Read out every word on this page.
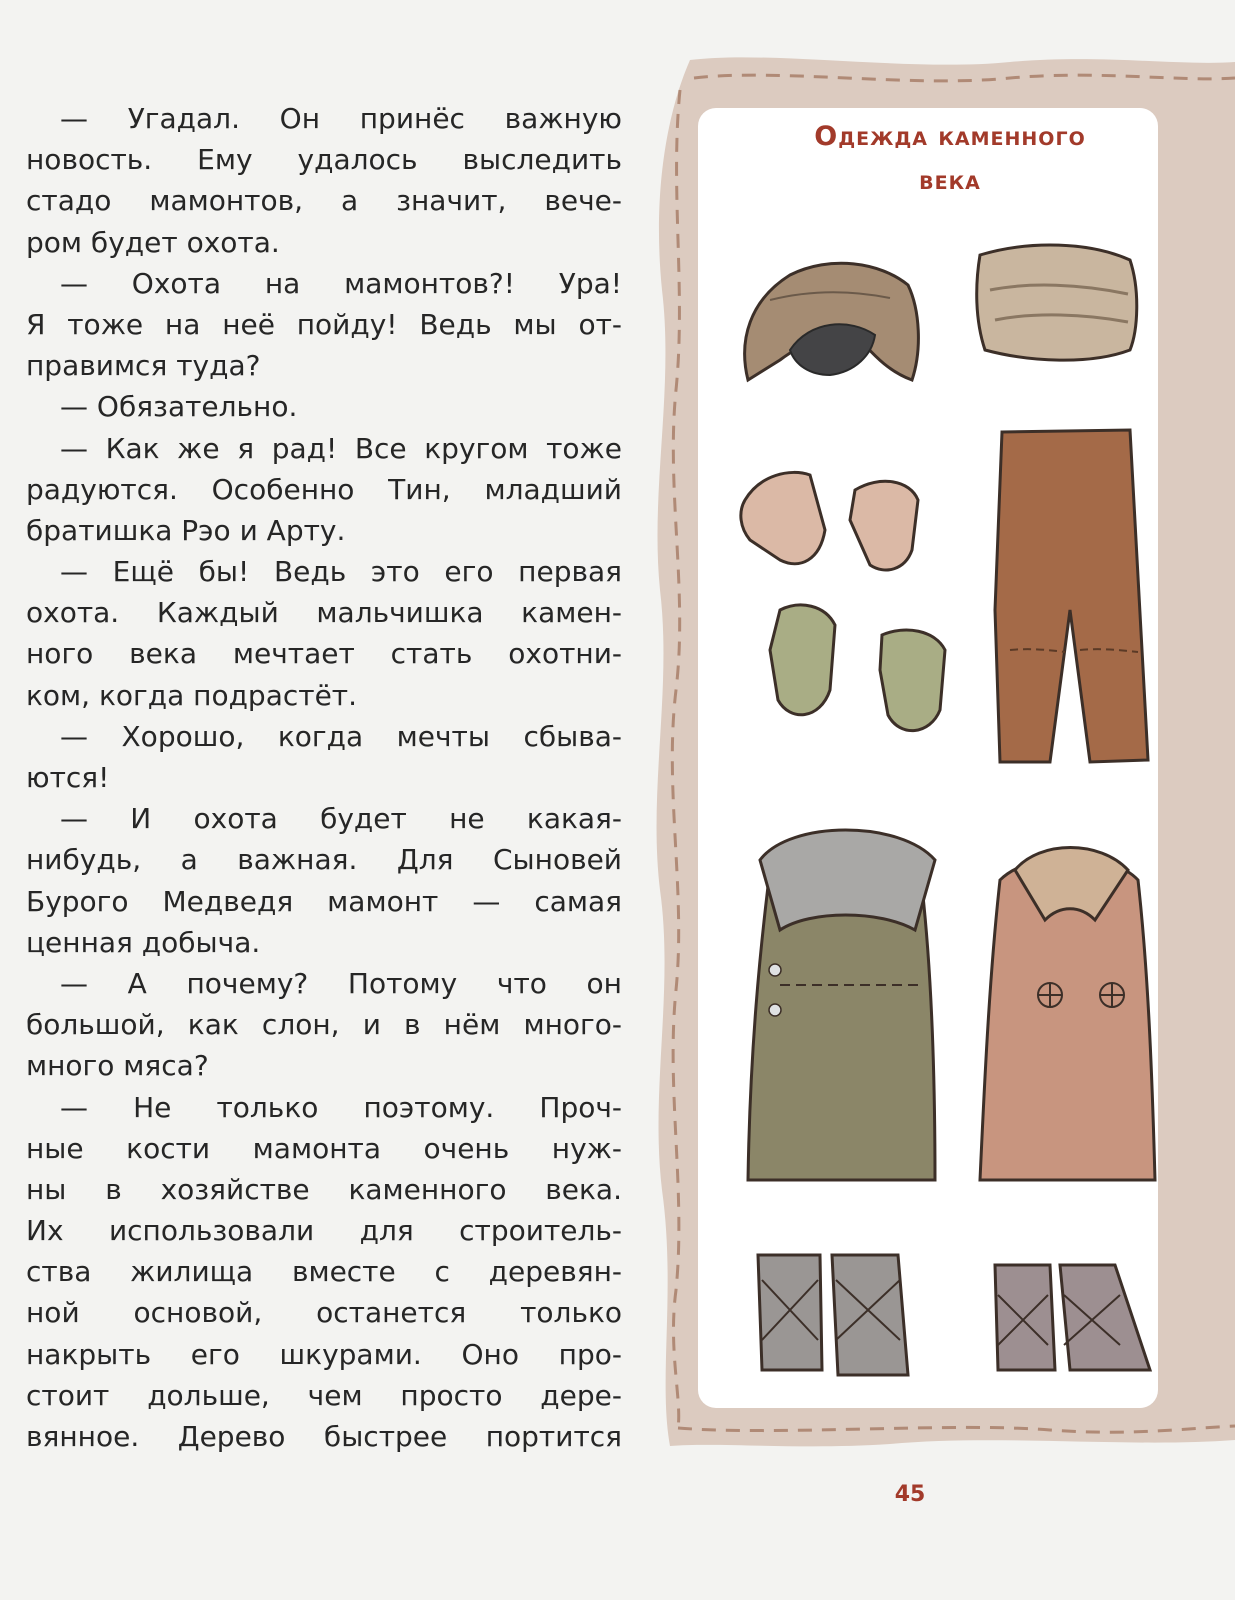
— Угадал. Он принёс важную
новость. Ему удалось выследить
стадо мамонтов, а значит, вече-
ром будет охота.
— Охота на мамонтов?! Ура!
Я тоже на неё пойду! Ведь мы от-
правимся туда?
— Обязательно.
— Как же я рад! Все кругом тоже
радуются. Особенно Тин, младший
братишка Рэо и Арту.
— Ещё бы! Ведь это его первая
охота. Каждый мальчишка камен-
ного века мечтает стать охотни-
ком, когда подрастёт.
— Хорошо, когда мечты сбыва-
ются!
— И охота будет не какая-
нибудь, а важная. Для Сыновей
Бурого Медведя мамонт — самая
ценная добыча.
— А почему? Потому что он
большой, как слон, и в нём много-
много мяса?
— Не только поэтому. Проч-
ные кости мамонта очень нуж-
ны в хозяйстве каменного века.
Их использовали для строитель-
ства жилища вместе с деревян-
ной основой, останется только
накрыть его шкурами. Оно про-
стоит дольше, чем просто дере-
вянное. Дерево быстрее портится
Одежда каменного
века
45
